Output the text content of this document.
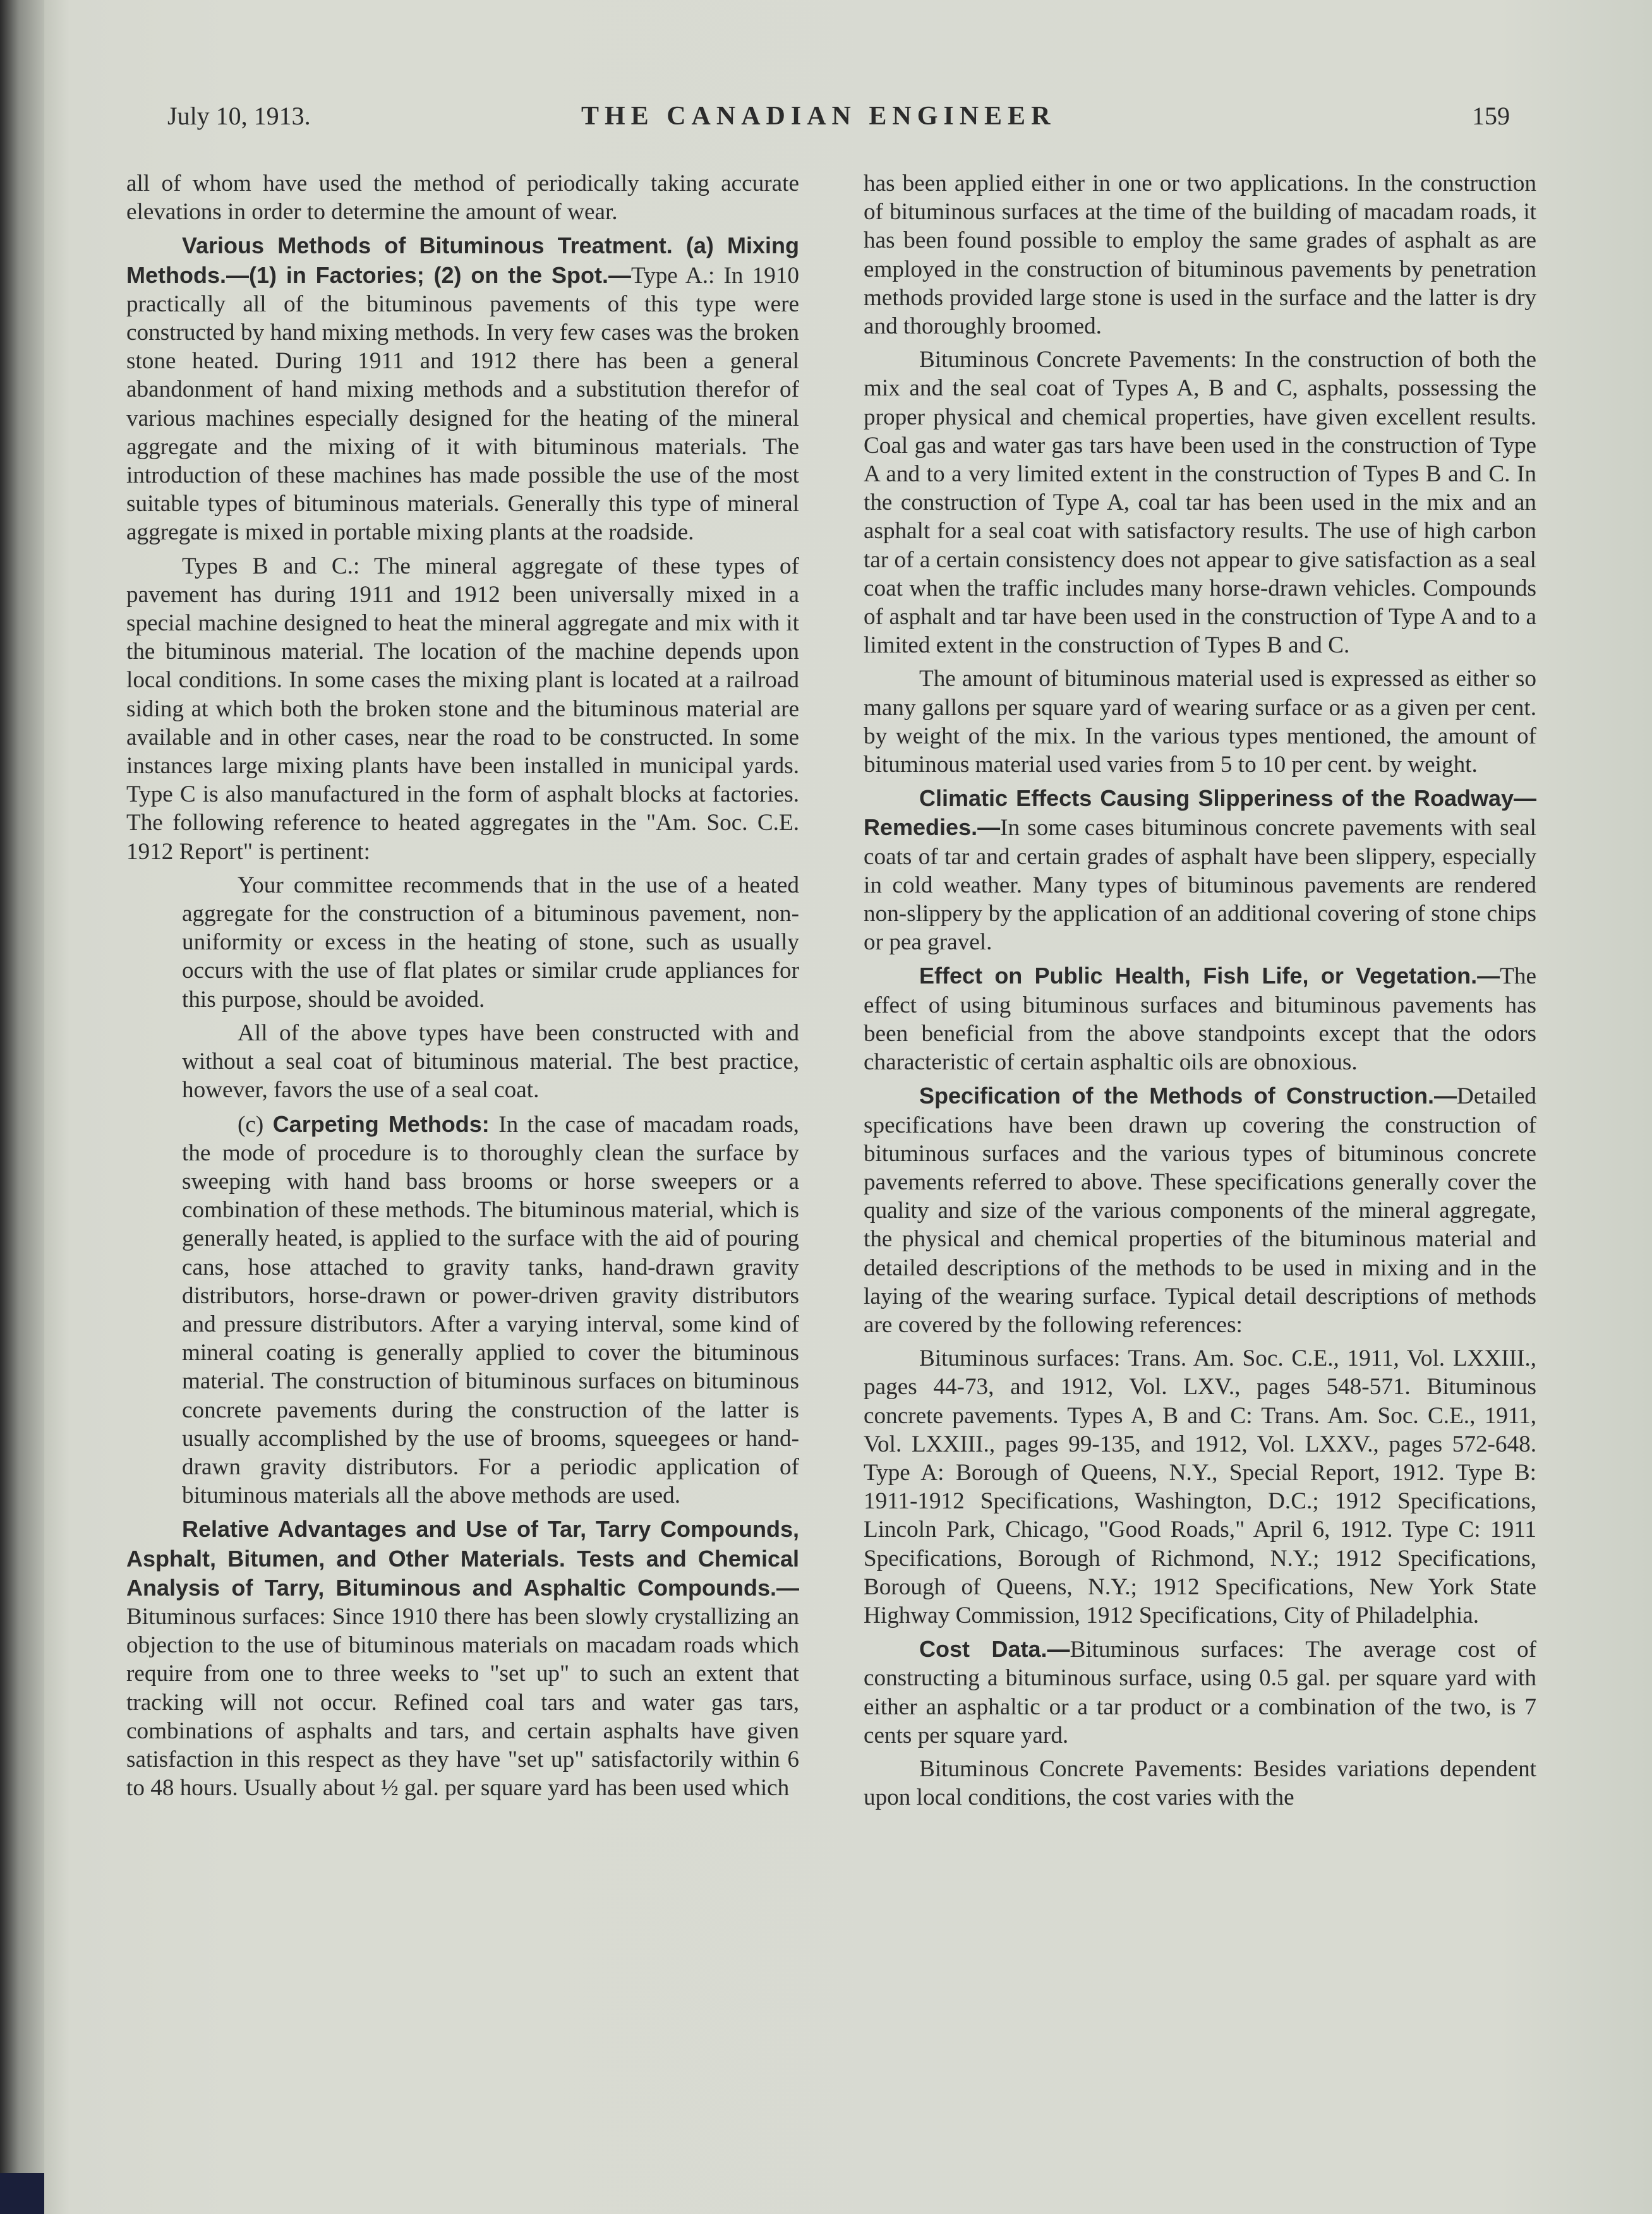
July 10, 1913.	THE CANADIAN ENGINEER	159

all of whom have used the method of periodically taking accurate elevations in order to determine the amount of wear.

Various Methods of Bituminous Treatment. (a) Mixing Methods.—(1) in Factories; (2) on the Spot.—Type A.: In 1910 practically all of the bituminous pavements of this type were constructed by hand mixing methods. In very few cases was the broken stone heated. During 1911 and 1912 there has been a general abandonment of hand mixing methods and a substitution therefor of various machines especially designed for the heating of the mineral aggregate and the mixing of it with bituminous materials. The introduction of these machines has made possible the use of the most suitable types of bituminous materials. Generally this type of mineral aggregate is mixed in portable mixing plants at the roadside.

Types B and C.: The mineral aggregate of these types of pavement has during 1911 and 1912 been universally mixed in a special machine designed to heat the mineral aggregate and mix with it the bituminous material. The location of the machine depends upon local conditions. In some cases the mixing plant is located at a railroad siding at which both the broken stone and the bituminous material are available and in other cases, near the road to be constructed. In some instances large mixing plants have been installed in municipal yards. Type C is also manufactured in the form of asphalt blocks at factories. The following reference to heated aggregates in the "Am. Soc. C.E. 1912 Report" is pertinent:

Your committee recommends that in the use of a heated aggregate for the construction of a bituminous pavement, non-uniformity or excess in the heating of stone, such as usually occurs with the use of flat plates or similar crude appliances for this purpose, should be avoided.

All of the above types have been constructed with and without a seal coat of bituminous material. The best practice, however, favors the use of a seal coat.

(c) Carpeting Methods: In the case of macadam roads, the mode of procedure is to thoroughly clean the surface by sweeping with hand bass brooms or horse sweepers or a combination of these methods. The bituminous material, which is generally heated, is applied to the surface with the aid of pouring cans, hose attached to gravity tanks, hand-drawn gravity distributors, horse-drawn or power-driven gravity distributors and pressure distributors. After a varying interval, some kind of mineral coating is generally applied to cover the bituminous material. The construction of bituminous surfaces on bituminous concrete pavements during the construction of the latter is usually accomplished by the use of brooms, squeegees or hand-drawn gravity distributors. For a periodic application of bituminous materials all the above methods are used.

Relative Advantages and Use of Tar, Tarry Compounds, Asphalt, Bitumen, and Other Materials. Tests and Chemical Analysis of Tarry, Bituminous and Asphaltic Compounds.—Bituminous surfaces: Since 1910 there has been slowly crystallizing an objection to the use of bituminous materials on macadam roads which require from one to three weeks to "set up" to such an extent that tracking will not occur. Refined coal tars and water gas tars, combinations of asphalts and tars, and certain asphalts have given satisfaction in this respect as they have "set up" satisfactorily within 6 to 48 hours. Usually about ½ gal. per square yard has been used which

has been applied either in one or two applications. In the construction of bituminous surfaces at the time of the building of macadam roads, it has been found possible to employ the same grades of asphalt as are employed in the construction of bituminous pavements by penetration methods provided large stone is used in the surface and the latter is dry and thoroughly broomed.

Bituminous Concrete Pavements: In the construction of both the mix and the seal coat of Types A, B and C, asphalts, possessing the proper physical and chemical properties, have given excellent results. Coal gas and water gas tars have been used in the construction of Type A and to a very limited extent in the construction of Types B and C. In the construction of Type A, coal tar has been used in the mix and an asphalt for a seal coat with satisfactory results. The use of high carbon tar of a certain consistency does not appear to give satisfaction as a seal coat when the traffic includes many horse-drawn vehicles. Compounds of asphalt and tar have been used in the construction of Type A and to a limited extent in the construction of Types B and C.

The amount of bituminous material used is expressed as either so many gallons per square yard of wearing surface or as a given per cent. by weight of the mix. In the various types mentioned, the amount of bituminous material used varies from 5 to 10 per cent. by weight.

Climatic Effects Causing Slipperiness of the Roadway—Remedies.—In some cases bituminous concrete pavements with seal coats of tar and certain grades of asphalt have been slippery, especially in cold weather. Many types of bituminous pavements are rendered non-slippery by the application of an additional covering of stone chips or pea gravel.

Effect on Public Health, Fish Life, or Vegetation.—The effect of using bituminous surfaces and bituminous pavements has been beneficial from the above standpoints except that the odors characteristic of certain asphaltic oils are obnoxious.

Specification of the Methods of Construction.—Detailed specifications have been drawn up covering the construction of bituminous surfaces and the various types of bituminous concrete pavements referred to above. These specifications generally cover the quality and size of the various components of the mineral aggregate, the physical and chemical properties of the bituminous material and detailed descriptions of the methods to be used in mixing and in the laying of the wearing surface. Typical detail descriptions of methods are covered by the following references:

Bituminous surfaces: Trans. Am. Soc. C.E., 1911, Vol. LXXIII., pages 44-73, and 1912, Vol. LXV., pages 548-571. Bituminous concrete pavements. Types A, B and C: Trans. Am. Soc. C.E., 1911, Vol. LXXIII., pages 99-135, and 1912, Vol. LXXV., pages 572-648. Type A: Borough of Queens, N.Y., Special Report, 1912. Type B: 1911-1912 Specifications, Washington, D.C.; 1912 Specifications, Lincoln Park, Chicago, "Good Roads," April 6, 1912. Type C: 1911 Specifications, Borough of Richmond, N.Y.; 1912 Specifications, Borough of Queens, N.Y.; 1912 Specifications, New York State Highway Commission, 1912 Specifications, City of Philadelphia.

Cost Data.—Bituminous surfaces: The average cost of constructing a bituminous surface, using 0.5 gal. per square yard with either an asphaltic or a tar product or a combination of the two, is 7 cents per square yard.

Bituminous Concrete Pavements: Besides variations dependent upon local conditions, the cost varies with the
